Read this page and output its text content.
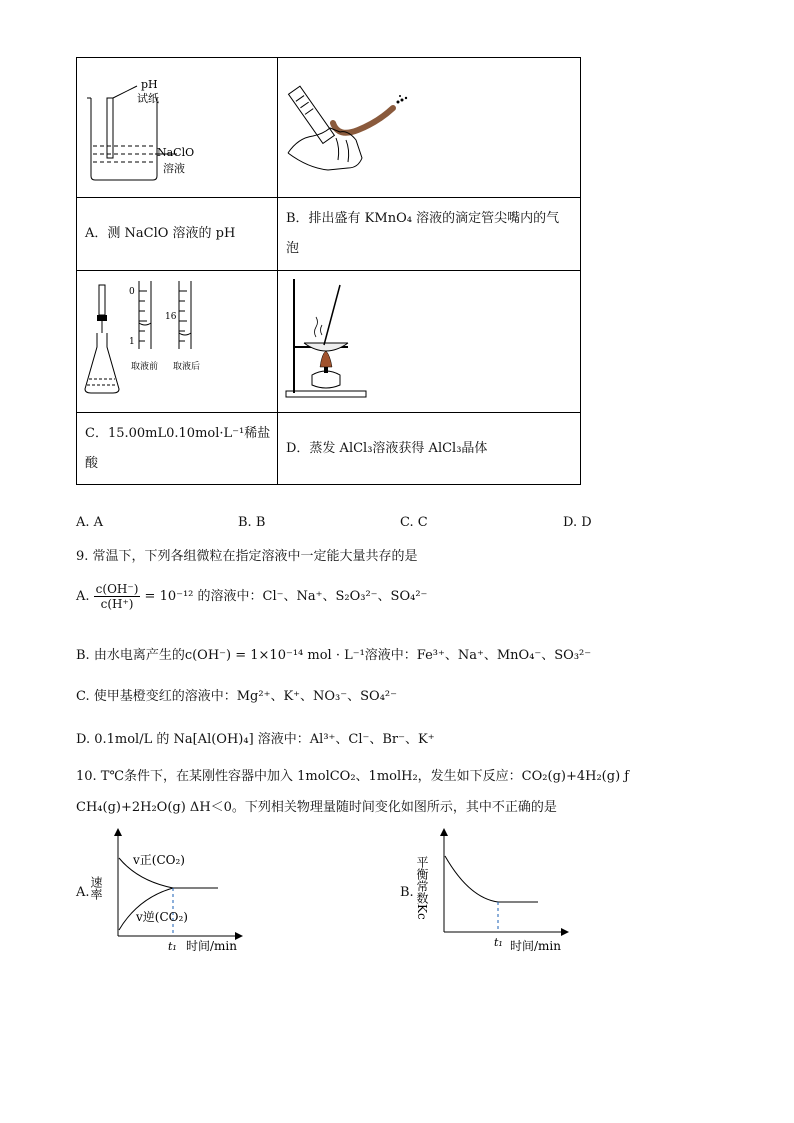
pH
试纸
NaClO
溶液

A．测 NaClO 溶液的 pH	B．排出盛有 KMnO₄ 溶液的滴定管尖嘴内的气
泡

0
1
16
取液前 取液后

C．15.00mL0.10mol·L⁻¹稀盐
酸	D．蒸发 AlCl₃溶液获得 AlCl₃晶体
A. A	B. B	C. C	D. D
9. 常温下，下列各组微粒在指定溶液中一定能大量共存的是
A. $\frac{c(OH^-)}{c(H^+)} = 10^{-12}$ 的溶液中：Cl⁻、Na⁺、S₂O₃²⁻、SO₄²⁻
B. 由水电离产生的c(OH⁻) = 1×10⁻¹⁴ mol · L⁻¹溶液中：Fe³⁺、Na⁺、MnO₄⁻、SO₃²⁻
C. 使甲基橙变红的溶液中：Mg²⁺、K⁺、NO₃⁻、SO₄²⁻
D. 0.1mol/L 的 Na[Al(OH)₄] 溶液中：Al³⁺、Cl⁻、Br⁻、K⁺
10. T℃条件下，在某刚性容器中加入 1molCO₂、1molH₂，发生如下反应：CO₂(g)+4H₂(g) ƒ
CH₄(g)+2H₂O(g) ΔH＜0。下列相关物理量随时间变化如图所示，其中不正确的是
A. 速率
v正(CO₂)
v逆(CO₂)
t₁ 时间/min
B. 平衡常数Kc
t₁ 时间/min
